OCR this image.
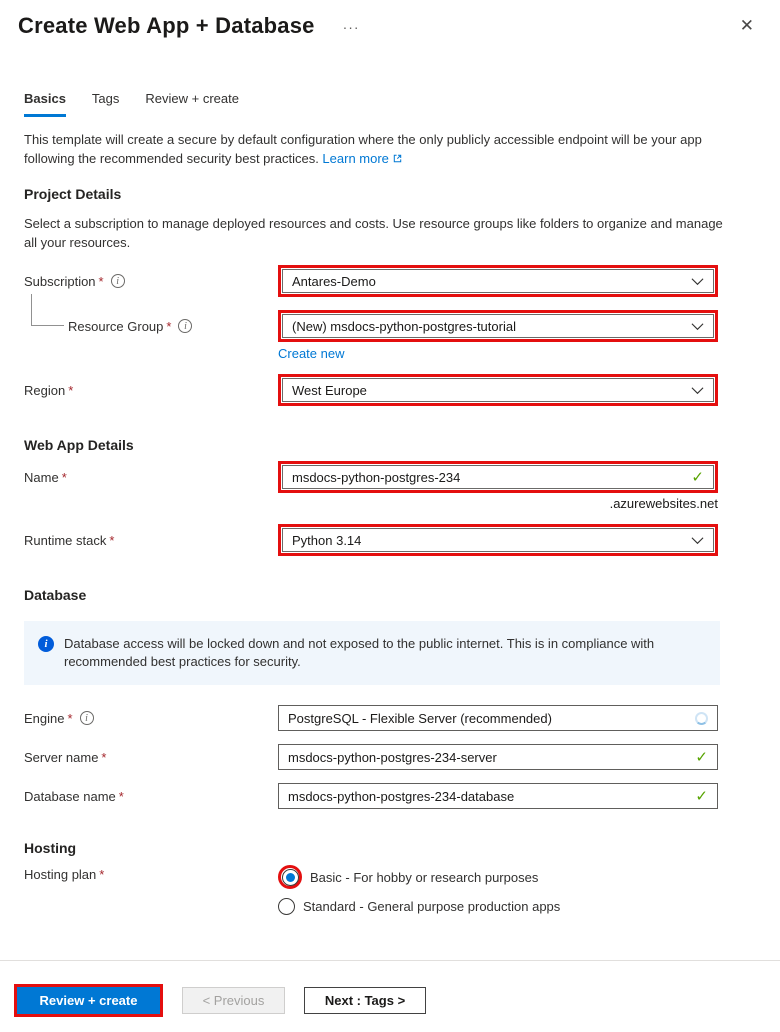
Create Web App + Database ···	✕
Basics Tags Review + create
This template will create a secure by default configuration where the only publicly accessible endpoint will be your app following the recommended security best practices. Learn more
Project Details
Select a subscription to manage deployed resources and costs. Use resource groups like folders to organize and manage all your resources.
Subscription *	i	Antares-Demo
Resource Group *	i	(New) msdocs-python-postgres-tutorial
Create new
Region *	West Europe
Web App Details
Name *
msdocs-python-postgres-234	✓
.azurewebsites.net
Runtime stack *	Python 3.14
Database
i	Database access will be locked down and not exposed to the public internet. This is in compliance with recommended best practices for security.
Engine *	i	PostgreSQL - Flexible Server (recommended)
Server name *
msdocs-python-postgres-234-server	✓
Database name *
msdocs-python-postgres-234-database	✓
Hosting
Hosting plan *	Basic - For hobby or research purposes
Standard - General purpose production apps
Review + create	< Previous	Next : Tags >
